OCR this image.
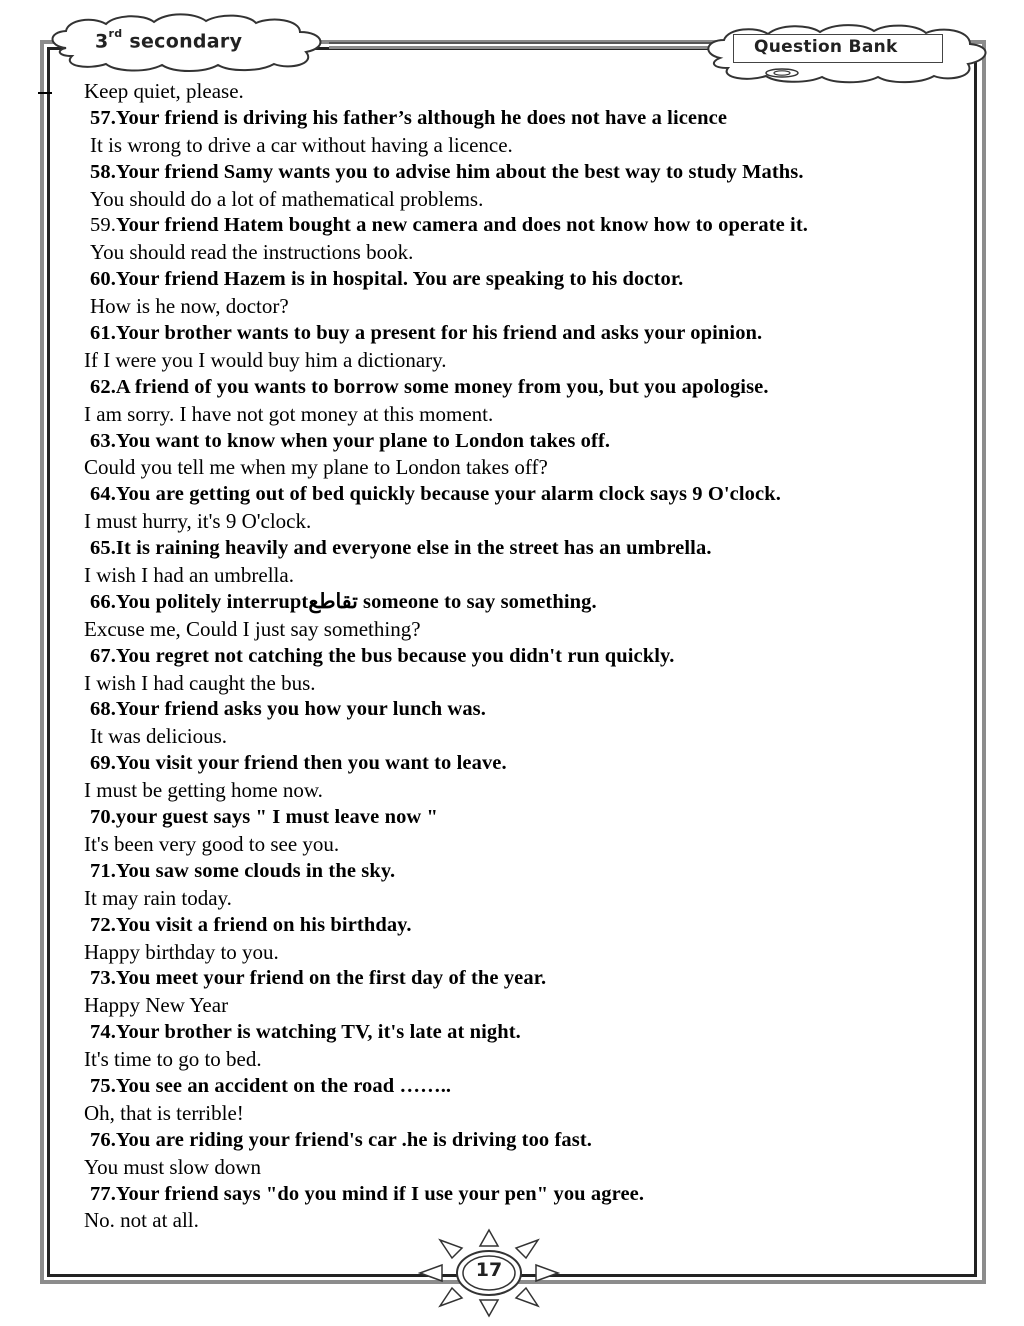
3rd secondary	Question Bank
Keep quiet, please.
57.Your friend is driving his father’s although he does not have a licence
It is wrong to drive a car without having a licence.
58.Your friend Samy wants you to advise him about the best way to study Maths.
You should do a lot of mathematical problems.
59.Your friend Hatem bought a new camera and does not know how to operate it.
You should read the instructions book.
60.Your friend Hazem is in hospital. You are speaking to his doctor.
How is he now, doctor?
61.Your brother wants to buy a present for his friend and asks your opinion.
If I were you I would buy him a dictionary.
62.A friend of you wants to borrow some money from you, but you apologise.
I am sorry. I have not got money at this moment.
63.You want to know when your plane to London takes off.
Could you tell me when my plane to London takes off?
64.You are getting out of bed quickly because your alarm clock says 9 O'clock.
I must hurry, it's 9 O'clock.
65.It is raining heavily and everyone else in the street has an umbrella.
I wish I had an umbrella.
66.You politely interruptتقاطع someone to say something.
Excuse me, Could I just say something?
67.You regret not catching the bus because you didn't run quickly.
I wish I had caught the bus.
68.Your friend asks you how your lunch was.
It was delicious.
69.You visit your friend then you want to leave.
I must be getting home now.
70.your guest says " I must leave now "
It's been very good to see you.
71.You saw some clouds in the sky.
It may rain today.
72.You visit a friend on his birthday.
Happy birthday to you.
73.You meet your friend on the first day of the year.
Happy New Year
74.Your brother is watching TV, it's late at night.
It's time to go to bed.
75.You see an accident on the road ……..
Oh, that is terrible!
76.You are riding your friend's car .he is driving too fast.
You must slow down
77.Your friend says "do you mind if I use your pen" you agree.
No. not at all.
17
